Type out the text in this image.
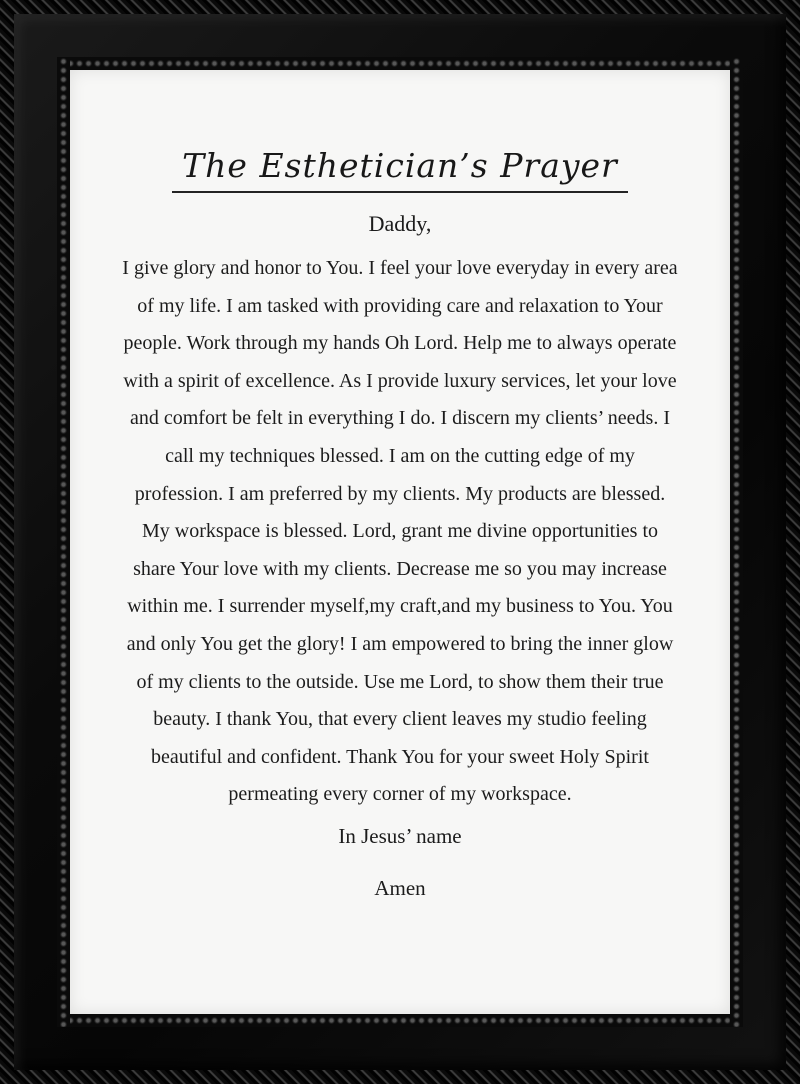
The Esthetician’s Prayer

Daddy,

I give glory and honor to You. I feel your love everyday in every area
of my life. I am tasked with providing care and relaxation to Your
people. Work through my hands Oh Lord. Help me to always operate
with a spirit of excellence. As I provide luxury services, let your love
and comfort be felt in everything I do. I discern my clients’ needs. I
call my techniques blessed. I am on the cutting edge of my
profession. I am preferred by my clients. My products are blessed.
My workspace is blessed. Lord, grant me divine opportunities to
share Your love with my clients. Decrease me so you may increase
within me. I surrender myself,my craft,and my business to You. You
and only You get the glory! I am empowered to bring the inner glow
of my clients to the outside. Use me Lord, to show them their true
beauty. I thank You, that every client leaves my studio feeling
beautiful and confident. Thank You for your sweet Holy Spirit
permeating every corner of my workspace.

In Jesus’ name

Amen
